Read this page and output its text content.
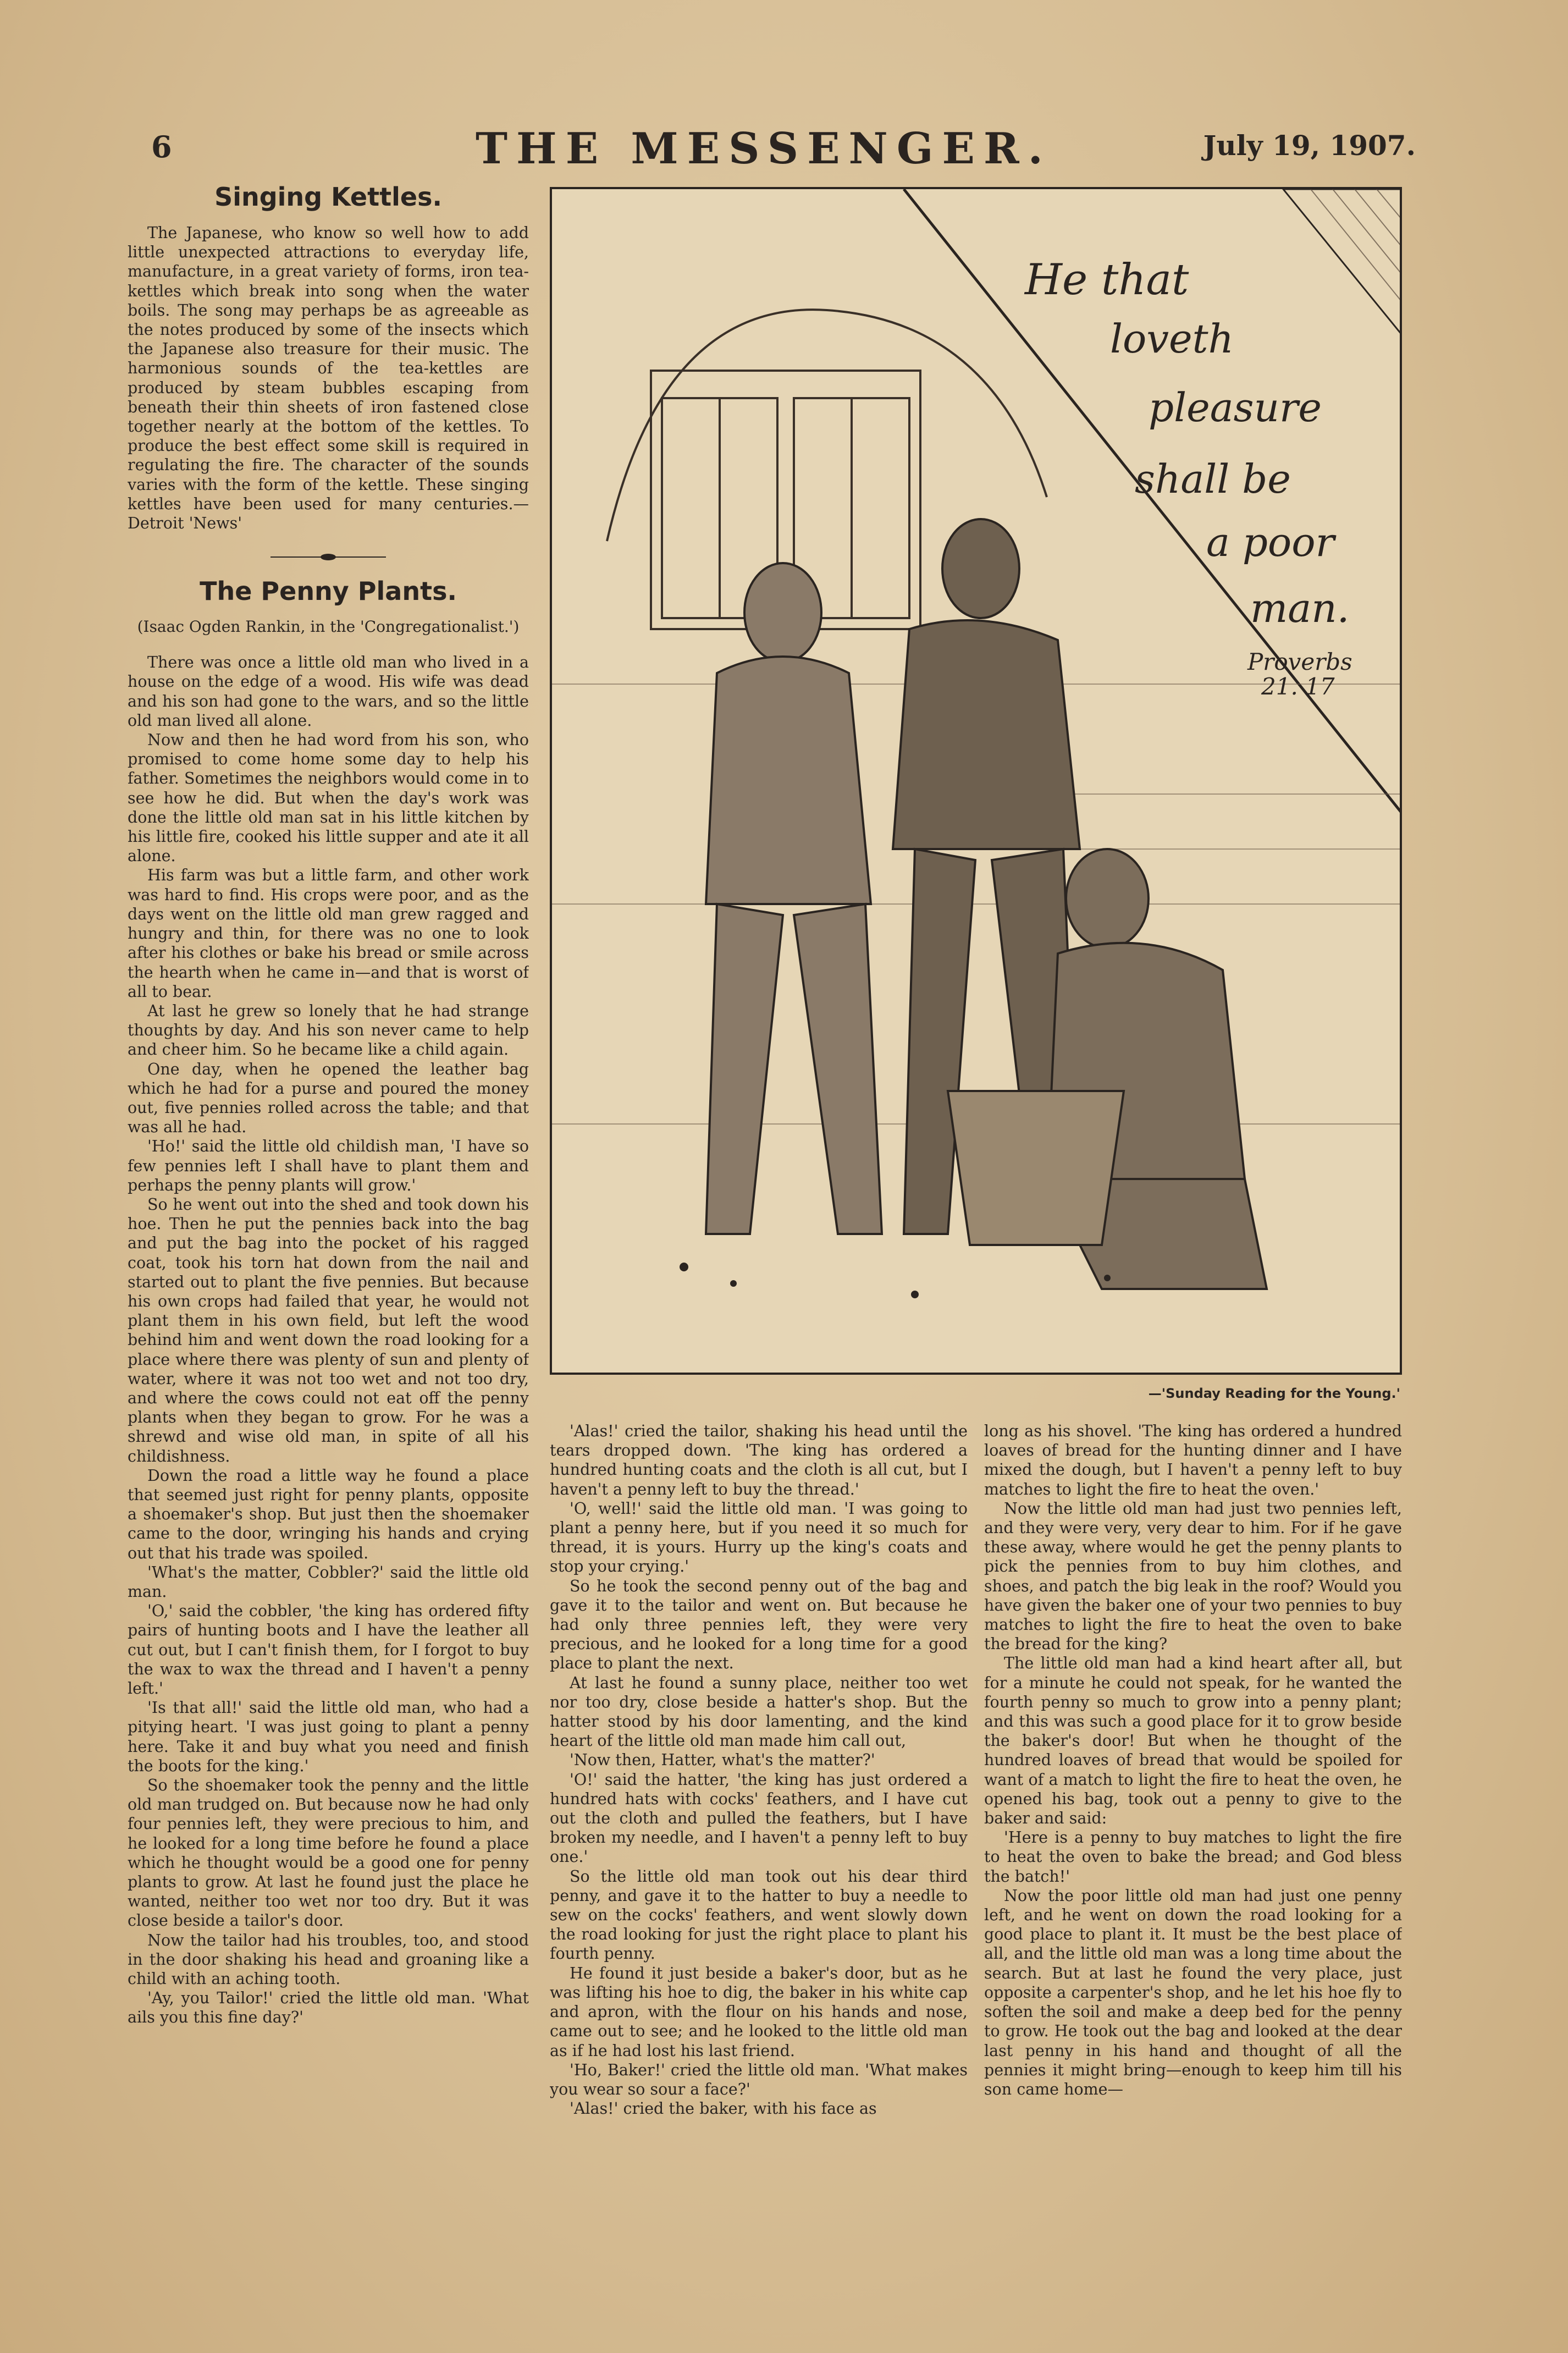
6	THE MESSENGER.	July 19, 1907.
Singing Kettles.

The Japanese, who know so well how to add little unexpected attractions to everyday life, manufacture, in a great variety of forms, iron tea-kettles which break into song when the water boils. The song may perhaps be as agreeable as the notes produced by some of the insects which the Japanese also treasure for their music. The harmonious sounds of the tea-kettles are produced by steam bubbles escaping from beneath their thin sheets of iron fastened close together nearly at the bottom of the kettles. To produce the best effect some skill is required in regulating the fire. The character of the sounds varies with the form of the kettle. These singing kettles have been used for many centuries.—Detroit 'News'

The Penny Plants.
(Isaac Ogden Rankin, in the 'Congregationalist.')

There was once a little old man who lived in a house on the edge of a wood. His wife was dead and his son had gone to the wars, and so the little old man lived all alone.

Now and then he had word from his son, who promised to come home some day to help his father. Sometimes the neighbors would come in to see how he did. But when the day's work was done the little old man sat in his little kitchen by his little fire, cooked his little supper and ate it all alone.

His farm was but a little farm, and other work was hard to find. His crops were poor, and as the days went on the little old man grew ragged and hungry and thin, for there was no one to look after his clothes or bake his bread or smile across the hearth when he came in—and that is worst of all to bear.

At last he grew so lonely that he had strange thoughts by day. And his son never came to help and cheer him. So he became like a child again.

One day, when he opened the leather bag which he had for a purse and poured the money out, five pennies rolled across the table; and that was all he had.

'Ho!' said the little old childish man, 'I have so few pennies left I shall have to plant them and perhaps the penny plants will grow.'

So he went out into the shed and took down his hoe. Then he put the pennies back into the bag and put the bag into the pocket of his ragged coat, took his torn hat down from the nail and started out to plant the five pennies. But because his own crops had failed that year, he would not plant them in his own field, but left the wood behind him and went down the road looking for a place where there was plenty of sun and plenty of water, where it was not too wet and not too dry, and where the cows could not eat off the penny plants when they began to grow. For he was a shrewd and wise old man, in spite of all his childishness.

Down the road a little way he found a place that seemed just right for penny plants, opposite a shoemaker's shop. But just then the shoemaker came to the door, wringing his hands and crying out that his trade was spoiled.

'What's the matter, Cobbler?' said the little old man.

'O,' said the cobbler, 'the king has ordered fifty pairs of hunting boots and I have the leather all cut out, but I can't finish them, for I forgot to buy the wax to wax the thread and I haven't a penny left.'

'Is that all!' said the little old man, who had a pitying heart. 'I was just going to plant a penny here. Take it and buy what you need and finish the boots for the king.'

So the shoemaker took the penny and the little old man trudged on. But because now he had only four pennies left, they were precious to him, and he looked for a long time before he found a place which he thought would be a good one for penny plants to grow. At last he found just the place he wanted, neither too wet nor too dry. But it was close beside a tailor's door.

Now the tailor had his troubles, too, and stood in the door shaking his head and groaning like a child with an aching tooth.

'Ay, you Tailor!' cried the little old man. 'What ails you this fine day?'

He that
loveth
pleasure
shall be
a poor
man.
Proverbs
21. 17
—'Sunday Reading for the Young.'

'Alas!' cried the tailor, shaking his head until the tears dropped down. 'The king has ordered a hundred hunting coats and the cloth is all cut, but I haven't a penny left to buy the thread.'

'O, well!' said the little old man. 'I was going to plant a penny here, but if you need it so much for thread, it is yours. Hurry up the king's coats and stop your crying.'

So he took the second penny out of the bag and gave it to the tailor and went on. But because he had only three pennies left, they were very precious, and he looked for a long time for a good place to plant the next.

At last he found a sunny place, neither too wet nor too dry, close beside a hatter's shop. But the hatter stood by his door lamenting, and the kind heart of the little old man made him call out,

'Now then, Hatter, what's the matter?'

'O!' said the hatter, 'the king has just ordered a hundred hats with cocks' feathers, and I have cut out the cloth and pulled the feathers, but I have broken my needle, and I haven't a penny left to buy one.'

So the little old man took out his dear third penny, and gave it to the hatter to buy a needle to sew on the cocks' feathers, and went slowly down the road looking for just the right place to plant his fourth penny.

He found it just beside a baker's door, but as he was lifting his hoe to dig, the baker in his white cap and apron, with the flour on his hands and nose, came out to see; and he looked to the little old man as if he had lost his last friend.

'Ho, Baker!' cried the little old man. 'What makes you wear so sour a face?'

'Alas!' cried the baker, with his face as

long as his shovel. 'The king has ordered a hundred loaves of bread for the hunting dinner and I have mixed the dough, but I haven't a penny left to buy matches to light the fire to heat the oven.'

Now the little old man had just two pennies left, and they were very, very dear to him. For if he gave these away, where would he get the penny plants to pick the pennies from to buy him clothes, and shoes, and patch the big leak in the roof? Would you have given the baker one of your two pennies to buy matches to light the fire to heat the oven to bake the bread for the king?

The little old man had a kind heart after all, but for a minute he could not speak, for he wanted the fourth penny so much to grow into a penny plant; and this was such a good place for it to grow beside the baker's door! But when he thought of the hundred loaves of bread that would be spoiled for want of a match to light the fire to heat the oven, he opened his bag, took out a penny to give to the baker and said:

'Here is a penny to buy matches to light the fire to heat the oven to bake the bread; and God bless the batch!'

Now the poor little old man had just one penny left, and he went on down the road looking for a good place to plant it. It must be the best place of all, and the little old man was a long time about the search. But at last he found the very place, just opposite a carpenter's shop, and he let his hoe fly to soften the soil and make a deep bed for the penny to grow. He took out the bag and looked at the dear last penny in his hand and thought of all the pennies it might bring—enough to keep him till his son came home—
